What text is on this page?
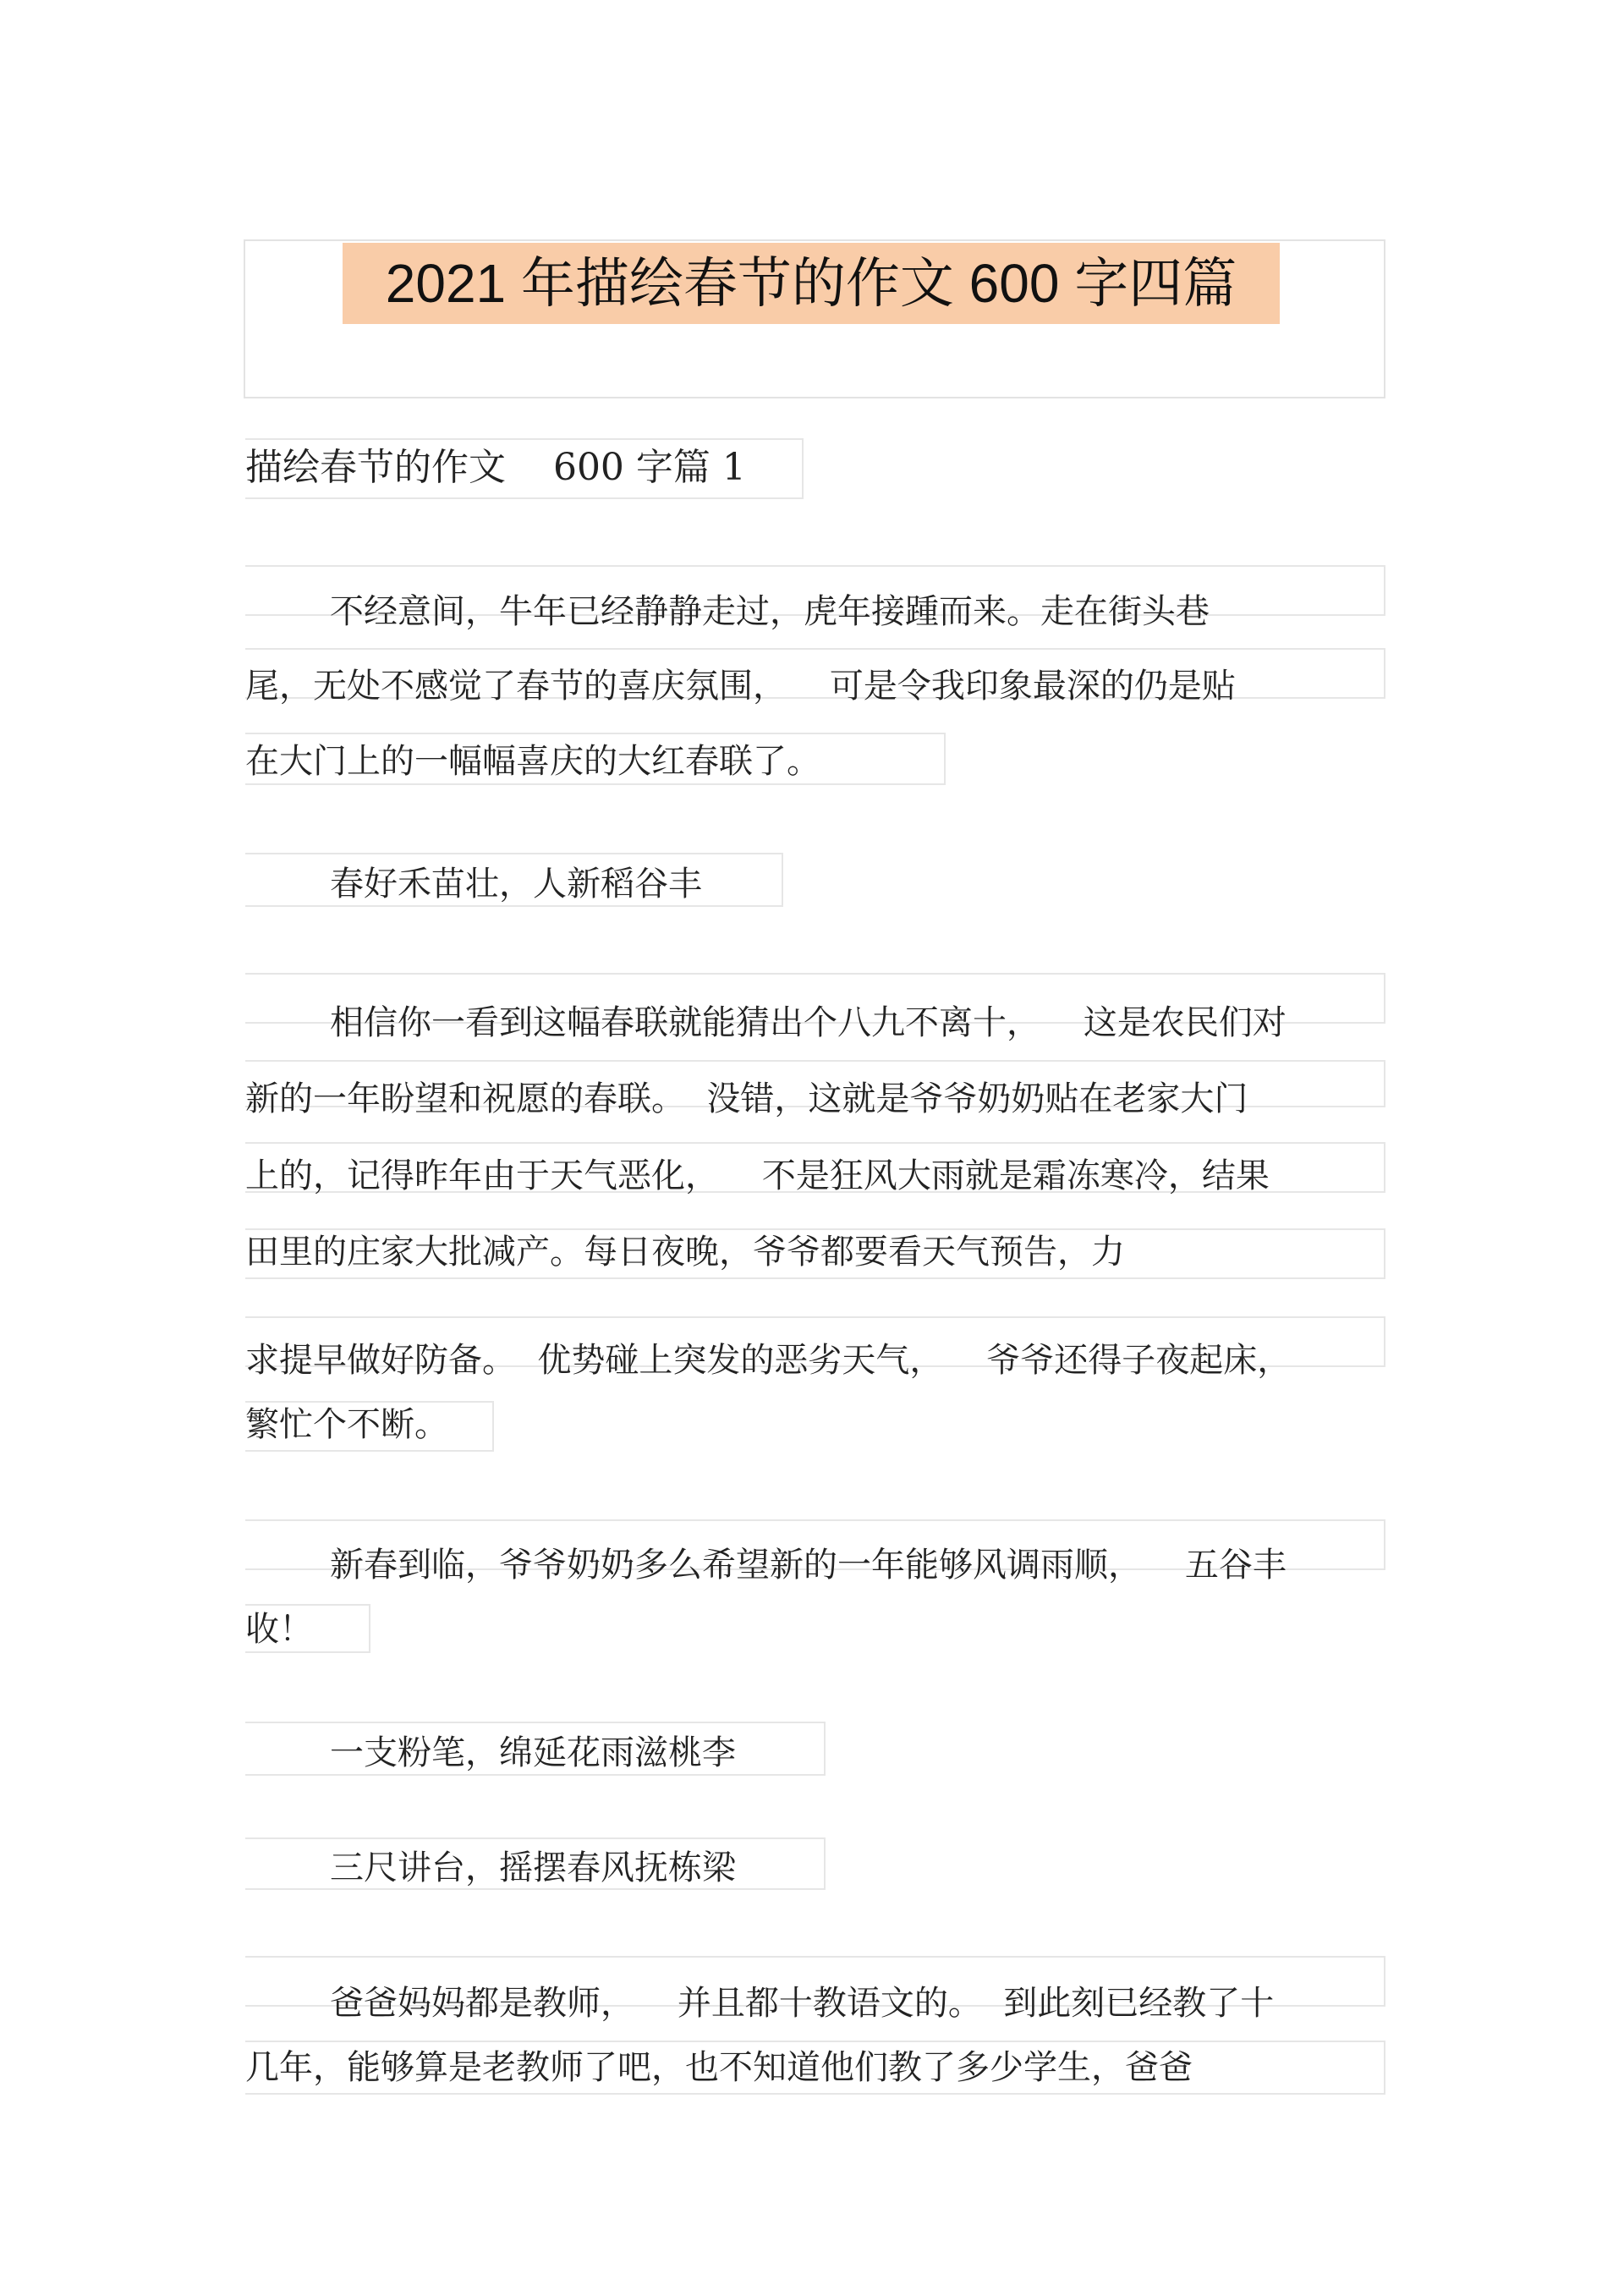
2021 年描绘春节的作文 600 字四篇
描绘春节的作文    600 字篇 1
不经意间，牛年已经静静走过，虎年接踵而来。走在街头巷
尾，无处不感觉了春节的喜庆氛围，    可是令我印象最深的仍是贴
在大门上的一幅幅喜庆的大红春联了。
春好禾苗壮，人新稻谷丰
相信你一看到这幅春联就能猜出个八九不离十，    这是农民们对
新的一年盼望和祝愿的春联。  没错，这就是爷爷奶奶贴在老家大门
上的，记得昨年由于天气恶化，    不是狂风大雨就是霜冻寒冷，结果
田里的庄家大批减产。每日夜晚，爷爷都要看天气预告，力
求提早做好防备。  优势碰上突发的恶劣天气，    爷爷还得子夜起床，
繁忙个不断。
新春到临，爷爷奶奶多么希望新的一年能够风调雨顺，    五谷丰
收！
一支粉笔，绵延花雨滋桃李
三尺讲台，摇摆春风抚栋梁
爸爸妈妈都是教师，    并且都十教语文的。  到此刻已经教了十
几年，能够算是老教师了吧，也不知道他们教了多少学生，爸爸
